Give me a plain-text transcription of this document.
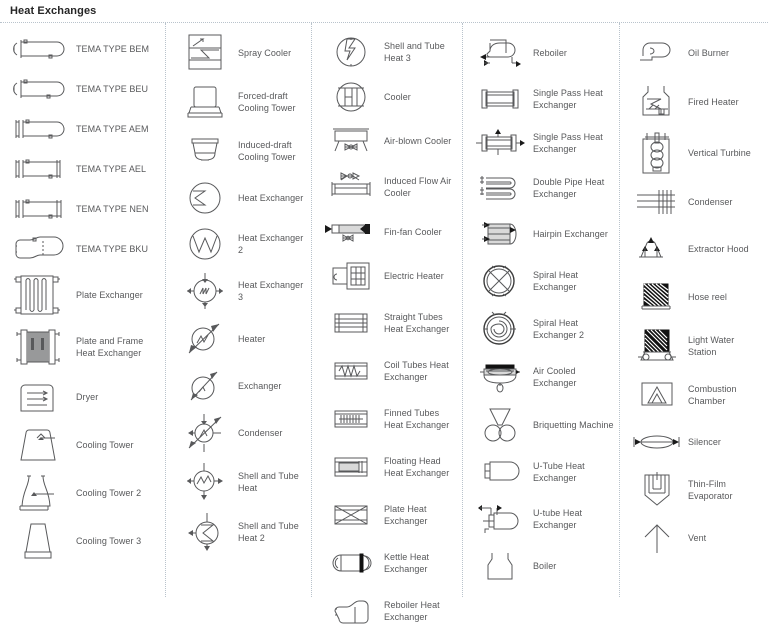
Heat Exchanges
TEMA TYPE BEM
TEMA TYPE BEU
TEMA TYPE AEM
TEMA TYPE AEL
TEMA TYPE NEN
TEMA TYPE BKU
Plate Exchanger
Plate and Frame Heat Exchanger
Dryer
Cooling Tower
Cooling Tower 2
Cooling Tower 3
Spray Cooler
Forced-draft Cooling Tower
Induced-draft Cooling Tower
Heat Exchanger
Heat Exchanger 2
Heat Exchanger 3
Heater
Exchanger
Condenser
Shell and Tube Heat
Shell and Tube Heat 2
Shell and Tube Heat 3
Cooler
Air-blown Cooler
Induced Flow Air Cooler
Fin-fan Cooler
Electric Heater
Straight Tubes Heat Exchanger
Coil Tubes Heat Exchanger
Finned Tubes Heat Exchanger
Floating Head Heat Exchanger
Plate Heat Exchanger
Kettle Heat Exchanger
Reboiler Heat Exchanger
Reboiler
Single Pass Heat Exchanger
Single Pass Heat Exchanger
Double Pipe Heat Exchanger
Hairpin Exchanger
Spiral Heat Exchanger
Spiral Heat Exchanger 2
Air Cooled Exchanger
Briquetting Machine
U-Tube Heat Exchanger
U-tube Heat Exchanger
Boiler
Oil Burner
Fired Heater
Vertical Turbine
Condenser
Extractor Hood
Hose reel
Light Water Station
Combustion Chamber
Silencer
Thin-Film Evaporator
Vent
